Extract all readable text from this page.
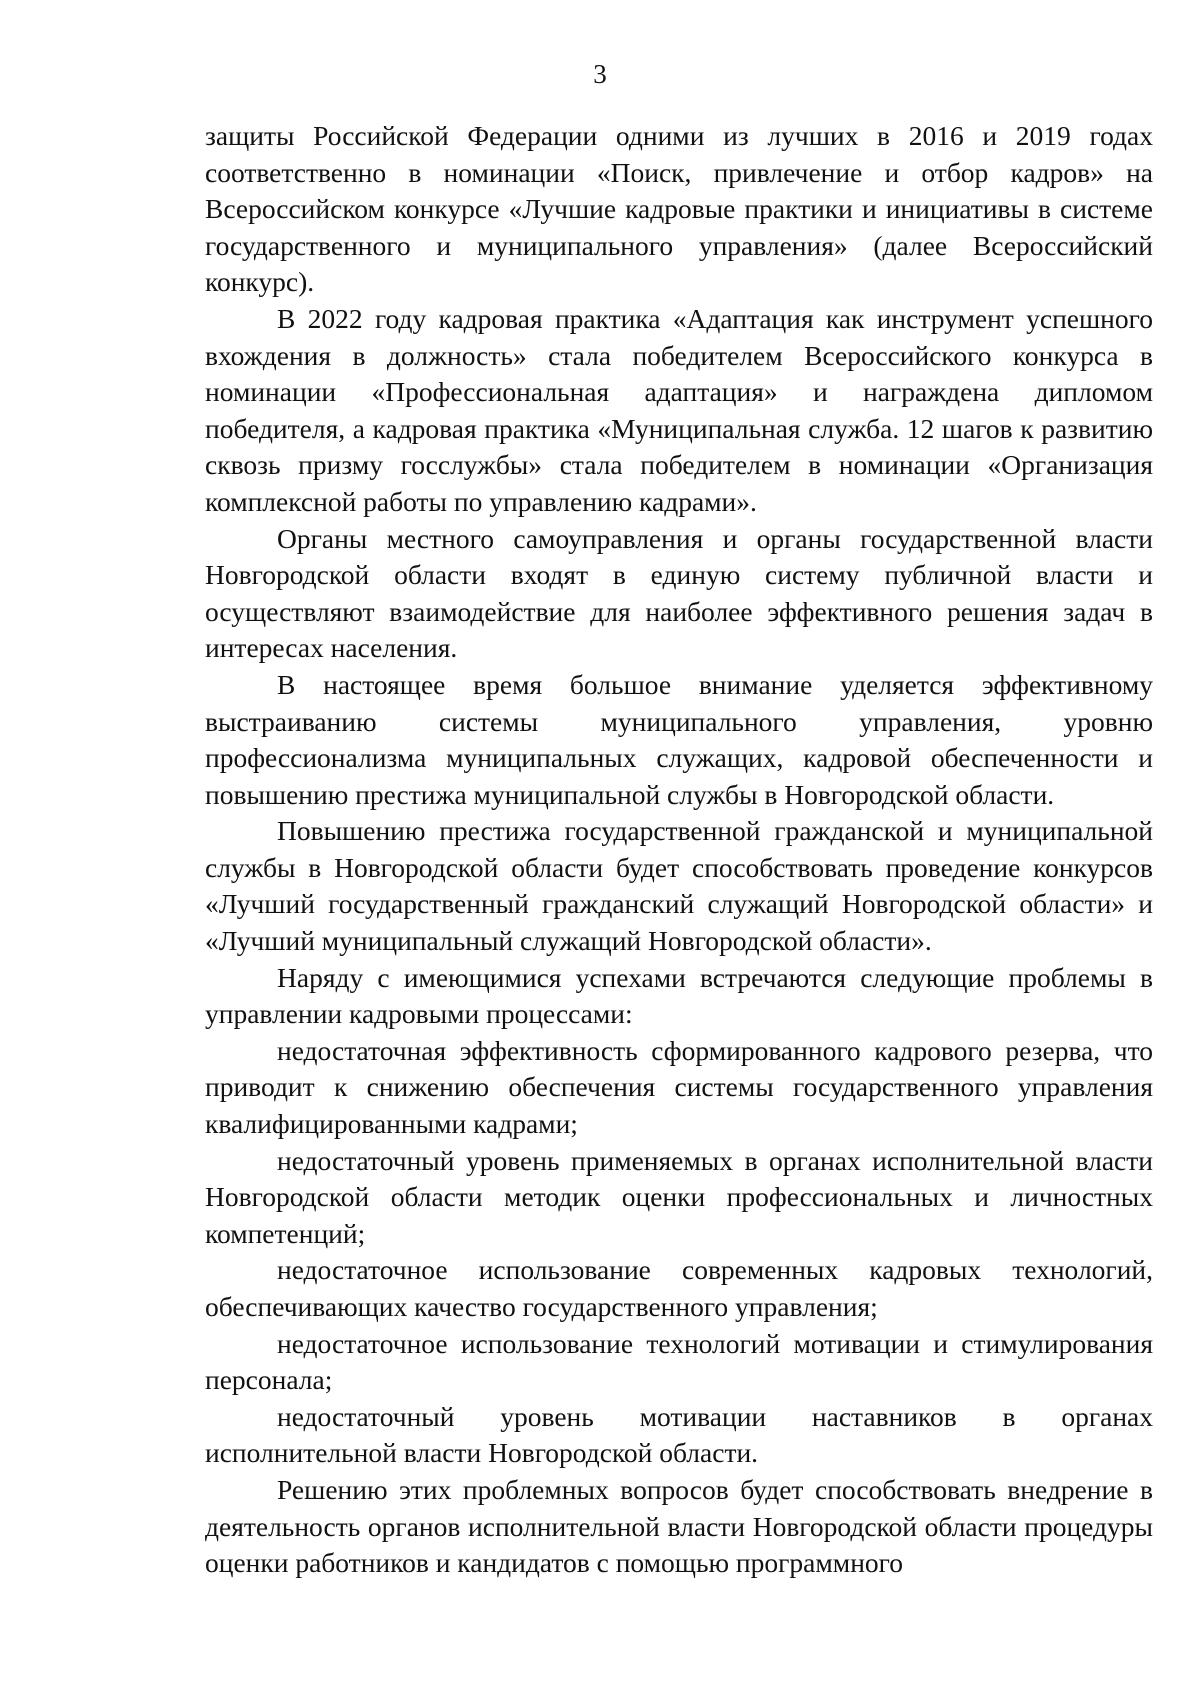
3

защиты Российской Федерации одними из лучших в 2016 и 2019 годах соответственно в номинации «Поиск, привлечение и отбор кадров» на Всероссийском конкурсе «Лучшие кадровые практики и инициативы в системе государственного и муниципального управления» (далее Всероссийский конкурс).

В 2022 году кадровая практика «Адаптация как инструмент успешного вхождения в должность» стала победителем Всероссийского конкурса в номинации «Профессиональная адаптация» и награждена дипломом победителя, а кадровая практика «Муниципальная служба. 12 шагов к развитию сквозь призму госслужбы» стала победителем в номинации «Организация комплексной работы по управлению кадрами».

Органы местного самоуправления и органы государственной власти Новгородской области входят в единую систему публичной власти и осуществляют взаимодействие для наиболее эффективного решения задач в интересах населения.

В настоящее время большое внимание уделяется эффективному выстраиванию системы муниципального управления, уровню профессионализма муниципальных служащих, кадровой обеспеченности и повышению престижа муниципальной службы в Новгородской области.

Повышению престижа государственной гражданской и муниципальной службы в Новгородской области будет способствовать проведение конкурсов «Лучший государственный гражданский служащий Новгородской области» и «Лучший муниципальный служащий Новгородской области».

Наряду с имеющимися успехами встречаются следующие проблемы в управлении кадровыми процессами:

недостаточная эффективность сформированного кадрового резерва, что приводит к снижению обеспечения системы государственного управления квалифицированными кадрами;

недостаточный уровень применяемых в органах исполнительной власти Новгородской области методик оценки профессиональных и личностных компетенций;

недостаточное использование современных кадровых технологий, обеспечивающих качество государственного управления;

недостаточное использование технологий мотивации и стимулирования персонала;

недостаточный уровень мотивации наставников в органах исполнительной власти Новгородской области.

Решению этих проблемных вопросов будет способствовать внедрение в деятельность органов исполнительной власти Новгородской области процедуры оценки работников и кандидатов с помощью программного
